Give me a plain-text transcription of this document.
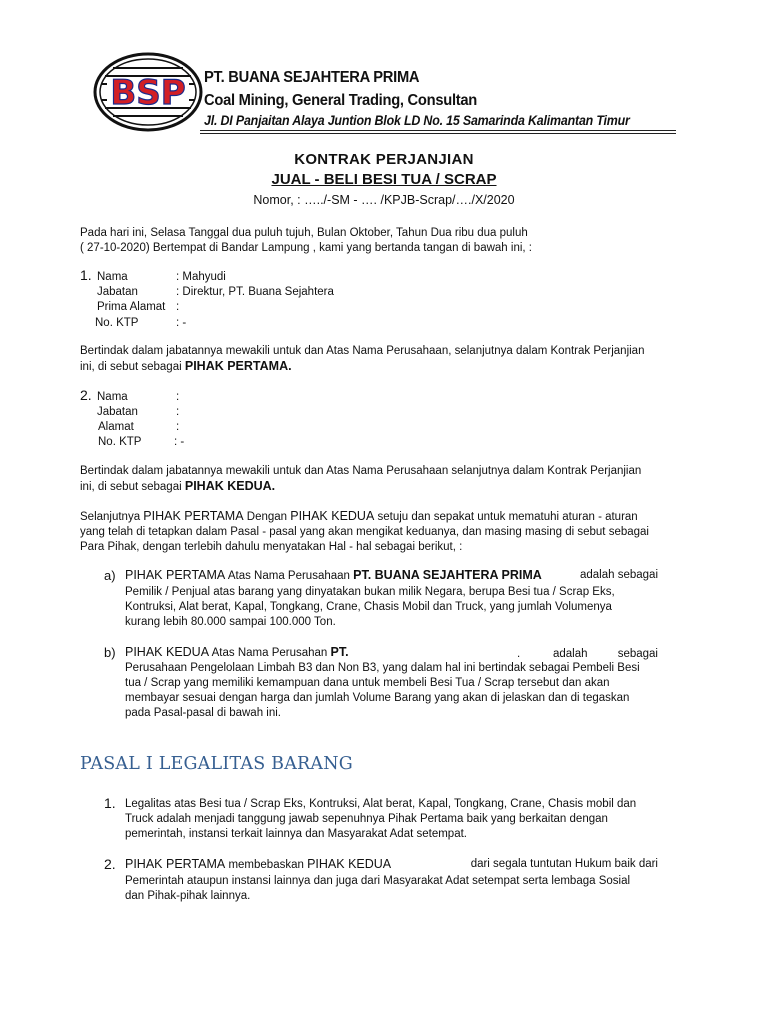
BSP PT. BUANA SEJAHTERA PRIMA
Coal Mining, General Trading, Consultan
Jl. DI Panjaitan Alaya Juntion Blok LD No. 15 Samarinda Kalimantan Timur
KONTRAK PERJANJIAN
JUAL - BELI BESI TUA / SCRAP
Nomor, : …../-SM - …. /KPJB-Scrap/…./X/2020
Pada hari ini, Selasa Tanggal dua puluh tujuh, Bulan Oktober, Tahun Dua ribu dua puluh
( 27-10-2020) Bertempat di Bandar Lampung , kami yang bertanda tangan di bawah ini, :
1. Nama	: Mahyudi
Jabatan	: Direktur, PT. Buana Sejahtera
Prima Alamat :
No. KTP	: -
Bertindak dalam jabatannya mewakili untuk dan Atas Nama Perusahaan, selanjutnya dalam Kontrak Perjanjian
ini, di sebut sebagai PIHAK PERTAMA.
2. Nama	:
Jabatan	:
Alamat	:
No. KTP	: -
Bertindak dalam jabatannya mewakili untuk dan Atas Nama Perusahaan selanjutnya dalam Kontrak Perjanjian
ini, di sebut sebagai PIHAK KEDUA.
Selanjutnya PIHAK PERTAMA Dengan PIHAK KEDUA setuju dan sepakat untuk mematuhi aturan - aturan
yang telah di tetapkan dalam Pasal - pasal yang akan mengikat keduanya, dan masing masing di sebut sebagai
Para Pihak, dengan terlebih dahulu menyatakan Hal - hal sebagai berikut, :
a) PIHAK PERTAMA Atas Nama Perusahaan PT. BUANA SEJAHTERA PRIMA	adalah sebagai
Pemilik / Penjual atas barang yang dinyatakan bukan milik Negara, berupa Besi tua / Scrap Eks,
Kontruksi, Alat berat, Kapal, Tongkang, Crane, Chasis Mobil dan Truck, yang jumlah Volumenya
kurang lebih 80.000 sampai 100.000 Ton.
b) PIHAK KEDUA Atas Nama Perusahan PT.	.	adalah	sebagai
Perusahaan Pengelolaan Limbah B3 dan Non B3, yang dalam hal ini bertindak sebagai Pembeli Besi
tua / Scrap yang memiliki kemampuan dana untuk membeli Besi Tua / Scrap tersebut dan akan
membayar sesuai dengan harga dan jumlah Volume Barang yang akan di jelaskan dan di tegaskan
pada Pasal-pasal di bawah ini.
PASAL I LEGALITAS BARANG
1. Legalitas atas Besi tua / Scrap Eks, Kontruksi, Alat berat, Kapal, Tongkang, Crane, Chasis mobil dan
Truck adalah menjadi tanggung jawab sepenuhnya Pihak Pertama baik yang berkaitan dengan
pemerintah, instansi terkait lainnya dan Masyarakat Adat setempat.
2. PIHAK PERTAMA membebaskan PIHAK KEDUA	dari segala tuntutan Hukum baik dari
Pemerintah ataupun instansi lainnya dan juga dari Masyarakat Adat setempat serta lembaga Sosial
dan Pihak-pihak lainnya.
